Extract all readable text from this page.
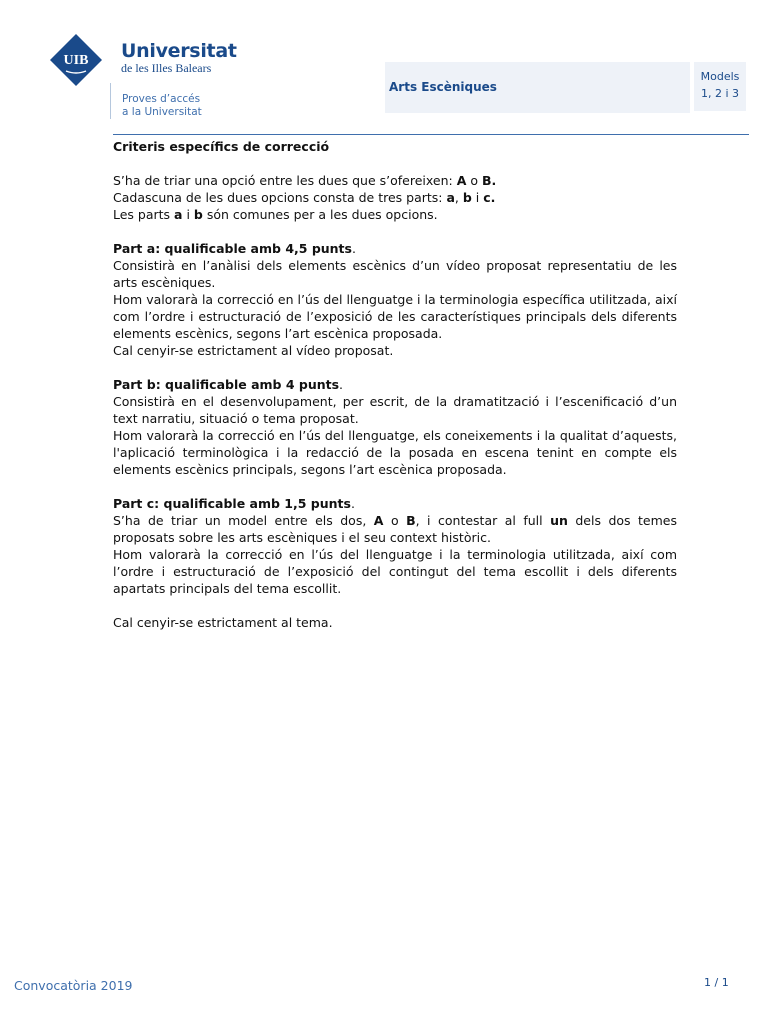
UIB Universitat
de les Illes Balears
Proves d’accés
a la Universitat
Arts Escèniques
Models
1, 2 i 3
Criteris específics de correcció

S’ha de triar una opció entre les dues que s’ofereixen: A o B.

Cadascuna de les dues opcions consta de tres parts: a, b i c.

Les parts a i b són comunes per a les dues opcions.

Part a: qualificable amb 4,5 punts.

Consistirà en l’anàlisi dels elements escènics d’un vídeo proposat representatiu de les arts escèniques.

Hom valorarà la correcció en l’ús del llenguatge i la terminologia específica utilitzada, així com l’ordre i estructuració de l’exposició de les característiques principals dels diferents elements escènics, segons l’art escènica proposada.

Cal cenyir-se estrictament al vídeo proposat.

Part b: qualificable amb 4 punts.

Consistirà en el desenvolupament, per escrit, de la dramatització i l’escenificació d’un text narratiu, situació o tema proposat.

Hom valorarà la correcció en l’ús del llenguatge, els coneixements i la qualitat d’aquests, l'aplicació terminològica i la redacció de la posada en escena tenint en compte els elements escènics principals, segons l’art escènica proposada.

Part c: qualificable amb 1,5 punts.

S’ha de triar un model entre els dos, A o B, i contestar al full un dels dos temes proposats sobre les arts escèniques i el seu context històric.

Hom valorarà la correcció en l’ús del llenguatge i la terminologia utilitzada, així com l’ordre i estructuració de l’exposició del contingut del tema escollit i dels diferents apartats principals del tema escollit.

Cal cenyir-se estrictament al tema.

Convocatòria 2019	1 / 1
